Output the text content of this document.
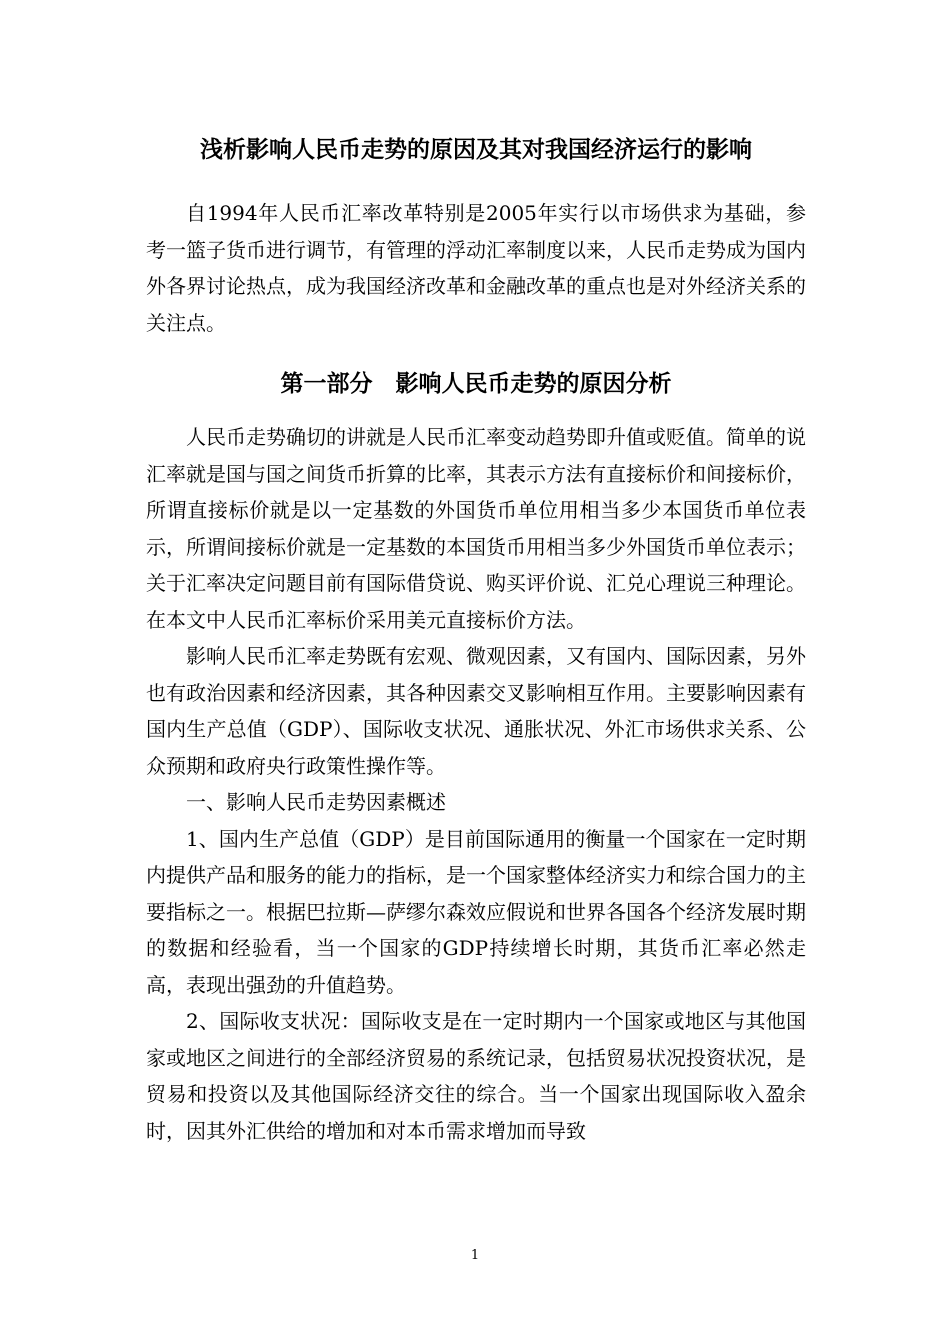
浅析影响人民币走势的原因及其对我国经济运行的影响

自1994年人民币汇率改革特别是2005年实行以市场供求为基础，参考一篮子货币进行调节，有管理的浮动汇率制度以来，人民币走势成为国内外各界讨论热点，成为我国经济改革和金融改革的重点也是对外经济关系的关注点。

第一部分　影响人民币走势的原因分析

人民币走势确切的讲就是人民币汇率变动趋势即升值或贬值。简单的说汇率就是国与国之间货币折算的比率，其表示方法有直接标价和间接标价，所谓直接标价就是以一定基数的外国货币单位用相当多少本国货币单位表示，所谓间接标价就是一定基数的本国货币用相当多少外国货币单位表示；关于汇率决定问题目前有国际借贷说、购买评价说、汇兑心理说三种理论。在本文中人民币汇率标价采用美元直接标价方法。

影响人民币汇率走势既有宏观、微观因素，又有国内、国际因素，另外也有政治因素和经济因素，其各种因素交叉影响相互作用。主要影响因素有国内生产总值（GDP）、国际收支状况、通胀状况、外汇市场供求关系、公众预期和政府央行政策性操作等。

一、影响人民币走势因素概述

1、国内生产总值（GDP）是目前国际通用的衡量一个国家在一定时期内提供产品和服务的能力的指标，是一个国家整体经济实力和综合国力的主要指标之一。根据巴拉斯—萨缪尔森效应假说和世界各国各个经济发展时期的数据和经验看，当一个国家的GDP持续增长时期，其货币汇率必然走高，表现出强劲的升值趋势。

2、国际收支状况：国际收支是在一定时期内一个国家或地区与其他国家或地区之间进行的全部经济贸易的系统记录，包括贸易状况投资状况，是贸易和投资以及其他国际经济交往的综合。当一个国家出现国际收入盈余时，因其外汇供给的增加和对本币需求增加而导致

1
